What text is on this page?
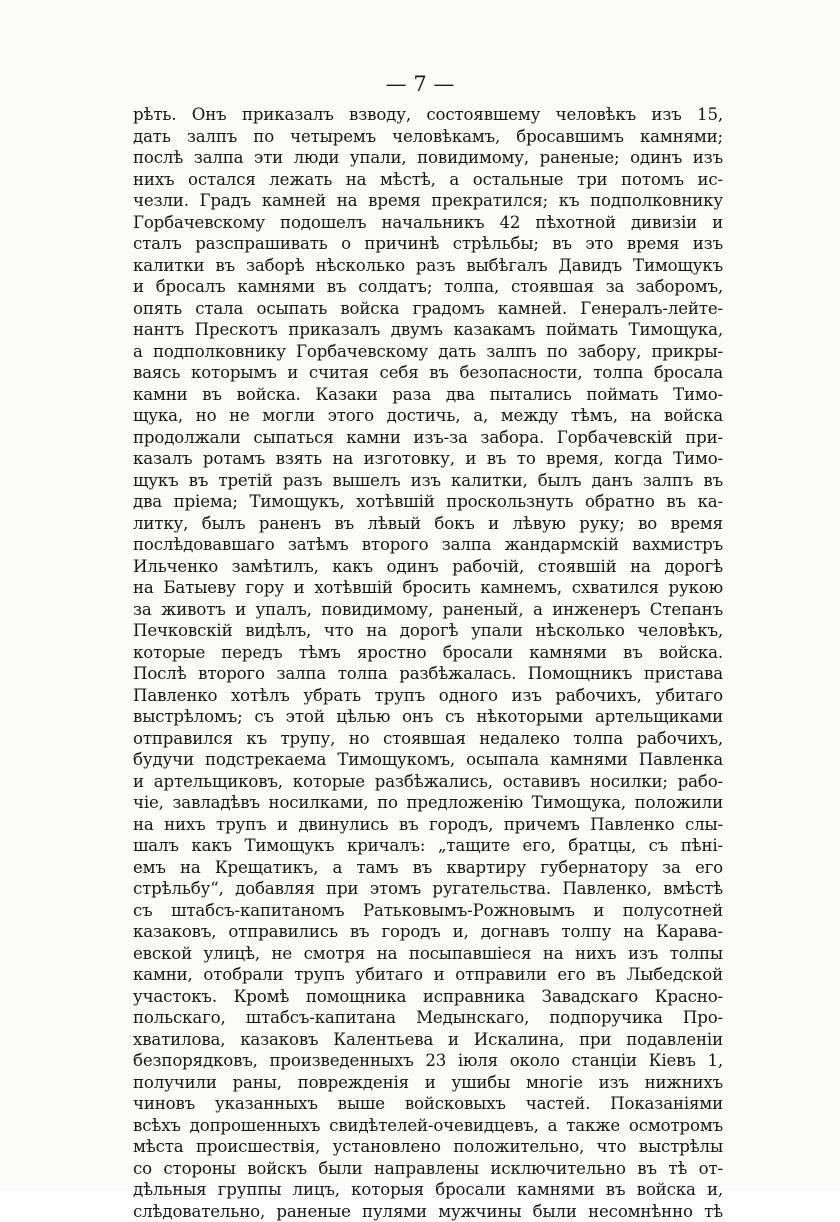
— 7 —
рѣть. Онъ приказалъ взводу, состоявшему человѣкъ изъ 15,
дать залпъ по четыремъ человѣкамъ, бросавшимъ камнями;
послѣ залпа эти люди упали, повидимому, раненые; одинъ изъ
нихъ остался лежать на мѣстѣ, а остальные три потомъ ис-
чезли. Градъ камней на время прекратился; къ подполковнику
Горбачевскому подошелъ начальникъ 42 пѣхотной дивизіи и
сталъ разспрашивать о причинѣ стрѣльбы; въ это время изъ
калитки въ заборѣ нѣсколько разъ выбѣгалъ Давидъ Тимощукъ
и бросалъ камнями въ солдатъ; толпа, стоявшая за заборомъ,
опять стала осыпать войска градомъ камней. Генералъ-лейте-
нантъ Прескотъ приказалъ двумъ казакамъ поймать Тимощука,
а подполковнику Горбачевскому дать залпъ по забору, прикры-
ваясь которымъ и считая себя въ безопасности, толпа бросала
камни въ войска. Казаки раза два пытались поймать Тимо-
щука, но не могли этого достичь, а, между тѣмъ, на войска
продолжали сыпаться камни изъ-за забора. Горбачевскій при-
казалъ ротамъ взять на изготовку, и въ то время, когда Тимо-
щукъ въ третій разъ вышелъ изъ калитки, былъ данъ залпъ въ
два пріема; Тимощукъ, хотѣвшій проскользнуть обратно въ ка-
литку, былъ раненъ въ лѣвый бокъ и лѣвую руку; во время
послѣдовавшаго затѣмъ второго залпа жандармскій вахмистръ
Ильченко замѣтилъ, какъ одинъ рабочій, стоявшій на дорогѣ
на Батыеву гору и хотѣвшій бросить камнемъ, схватился рукою
за животъ и упалъ, повидимому, раненый, а инженеръ Степанъ
Печковскій видѣлъ, что на дорогѣ упали нѣсколько человѣкъ,
которые передъ тѣмъ яростно бросали камнями въ войска.
Послѣ второго залпа толпа разбѣжалась. Помощникъ пристава
Павленко хотѣлъ убрать трупъ одного изъ рабочихъ, убитаго
выстрѣломъ; съ этой цѣлью онъ съ нѣкоторыми артельщиками
отправился къ трупу, но стоявшая недалеко толпа рабочихъ,
будучи подстрекаема Тимощукомъ, осыпала камнями Павленка
и артельщиковъ, которые разбѣжались, оставивъ носилки; рабо-
чіе, завладѣвъ носилками, по предложенію Тимощука, положили
на нихъ трупъ и двинулись въ городъ, причемъ Павленко слы-
шалъ какъ Тимощукъ кричалъ: „тащите его, братцы, съ пѣні-
емъ на Крещатикъ, а тамъ въ квартиру губернатору за его
стрѣльбу“, добавляя при этомъ ругательства. Павленко, вмѣстѣ
съ штабсъ-капитаномъ Ратьковымъ-Рожновымъ и полусотней
казаковъ, отправились въ городъ и, догнавъ толпу на Карава-
евской улицѣ, не смотря на посыпавшіеся на нихъ изъ толпы
камни, отобрали трупъ убитаго и отправили его въ Лыбедской
участокъ. Кромѣ помощника исправника Завадскаго Красно-
польскаго, штабсъ-капитана Медынскаго, подпоручика Про-
хватилова, казаковъ Калентьева и Искалина, при подавленіи
безпорядковъ, произведенныхъ 23 іюля около станціи Кіевъ 1,
получили раны, поврежденія и ушибы многіе изъ нижнихъ
чиновъ указанныхъ выше войсковыхъ частей. Показаніями
всѣхъ допрошенныхъ свидѣтелей-очевидцевъ, а также осмотромъ
мѣста происшествія, установлено положительно, что выстрѣлы
со стороны войскъ были направлены исключительно въ тѣ от-
дѣльныя группы лицъ, которыя бросали камнями въ войска и,
слѣдовательно, раненые пулями мужчины были несомнѣнно тѣ
